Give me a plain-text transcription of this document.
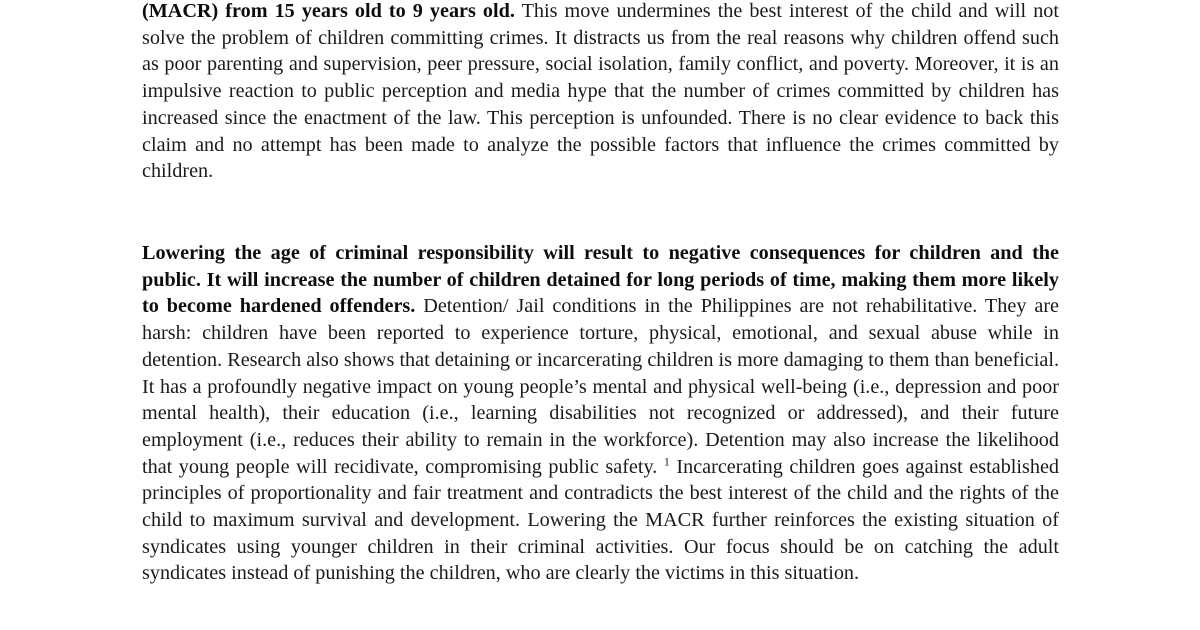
(MACR) from 15 years old to 9 years old. This move undermines the best interest of the child and will not solve the problem of children committing crimes. It distracts us from the real reasons why children offend such as poor parenting and supervision, peer pressure, social isolation, family conflict, and poverty. Moreover, it is an impulsive reaction to public perception and media hype that the number of crimes committed by children has increased since the enactment of the law. This perception is unfounded. There is no clear evidence to back this claim and no attempt has been made to analyze the possible factors that influence the crimes committed by children.

Lowering the age of criminal responsibility will result to negative consequences for children and the public. It will increase the number of children detained for long periods of time, making them more likely to become hardened offenders. Detention/ Jail conditions in the Philippines are not rehabilitative. They are harsh: children have been reported to experience torture, physical, emotional, and sexual abuse while in detention. Research also shows that detaining or incarcerating children is more damaging to them than beneficial. It has a profoundly negative impact on young people’s mental and physical well-being (i.e., depression and poor mental health), their education (i.e., learning disabilities not recognized or addressed), and their future employment (i.e., reduces their ability to remain in the workforce). Detention may also increase the likelihood that young people will recidivate, compromising public safety. $^1$ Incarcerating children goes against established principles of proportionality and fair treatment and contradicts the best interest of the child and the rights of the child to maximum survival and development. Lowering the MACR further reinforces the existing situation of syndicates using younger children in their criminal activities. Our focus should be on catching the adult syndicates instead of punishing the children, who are clearly the victims in this situation.
